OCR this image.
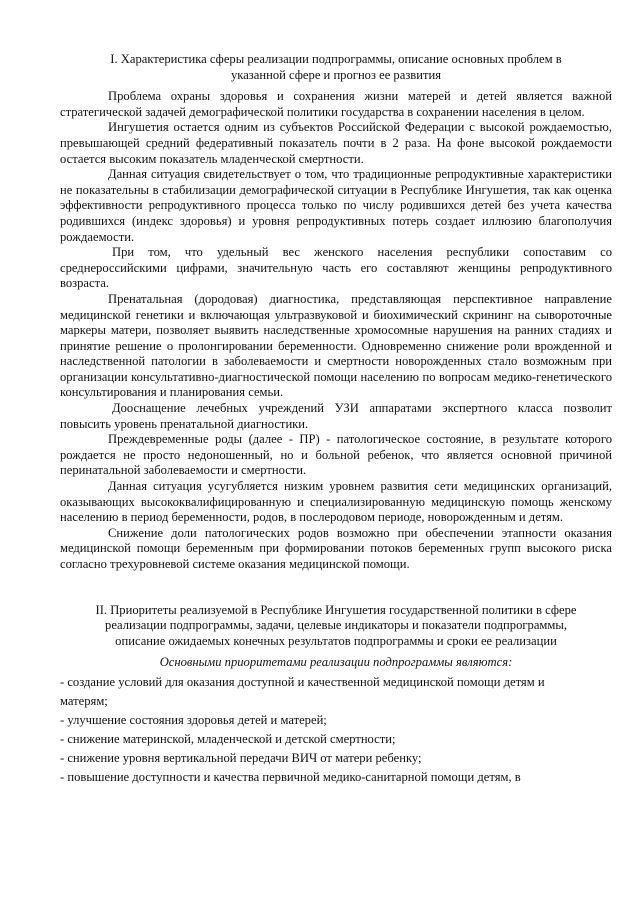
I. Характеристика сферы реализации подпрограммы, описание основных проблем в
указанной сфере и прогноз ее развития

Проблема охраны здоровья и сохранения жизни матерей и детей является важной стратегической задачей демографической политики государства в сохранении населения в целом.

Ингушетия остается одним из субъектов Российской Федерации с высокой рождаемостью, превышающей средний федеративный показатель почти в 2 раза. На фоне высокой рождаемости остается высоким показатель младенческой смертности.

Данная ситуация свидетельствует о том, что традиционные репродуктивные характеристики не показательны в стабилизации демографической ситуации в Республике Ингушетия, так как оценка эффективности репродуктивного процесса только по числу родившихся детей без учета качества родившихся (индекс здоровья) и уровня репродуктивных потерь создает иллюзию благополучия рождаемости.

При том, что удельный вес женского населения республики сопоставим со среднероссийскими цифрами, значительную часть его составляют женщины репродуктивного возраста.

Пренатальная (дородовая) диагностика, представляющая перспективное направление медицинской генетики и включающая ультразвуковой и биохимический скрининг на сывороточные маркеры матери, позволяет выявить наследственные хромосомные нарушения на ранних стадиях и принятие решение о пролонгировании беременности. Одновременно снижение роли врожденной и наследственной патологии в заболеваемости и смертности новорожденных стало возможным при организации консультативно-диагностической помощи населению по вопросам медико-генетического консультирования и планирования семьи.

Дооснащение лечебных учреждений УЗИ аппаратами экспертного класса позволит повысить уровень пренатальной диагностики.

Преждевременные роды (далее - ПР) - патологическое состояние, в результате которого рождается не просто недоношенный, но и больной ребенок, что является основной причиной перинатальной заболеваемости и смертности.

Данная ситуация усугубляется низким уровнем развития сети медицинских организаций, оказывающих высококвалифицированную и специализированную медицинскую помощь женскому населению в период беременности, родов, в послеродовом периоде, новорожденным и детям.

Снижение доли патологических родов возможно при обеспечении этапности оказания медицинской помощи беременным при формировании потоков беременных групп высокого риска согласно трехуровневой системе оказания медицинской помощи.

II. Приоритеты реализуемой в Республике Ингушетия государственной политики в сфере
реализации подпрограммы, задачи, целевые индикаторы и показатели подпрограммы,
описание ожидаемых конечных результатов подпрограммы и сроки ее реализации
Основными приоритетами реализации подпрограммы являются:
- создание условий для оказания доступной и качественной медицинской помощи детям и
матерям;
- улучшение состояния здоровья детей и матерей;
- снижение материнской, младенческой и детской смертности;
- снижение уровня вертикальной передачи ВИЧ от матери ребенку;
- повышение доступности и качества первичной медико-санитарной помощи детям, в
